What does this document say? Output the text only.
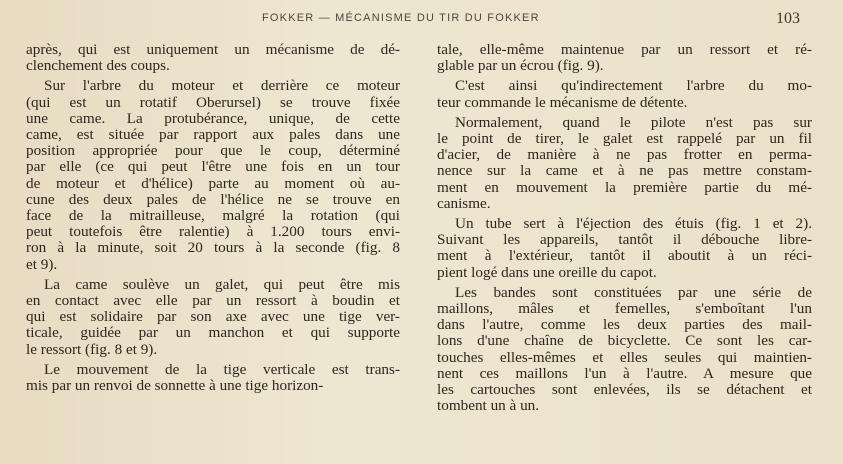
FOKKER — MÉCANISME DU TIR DU FOKKER	103
après, qui est uniquement un mécanisme de dé-
clenchement des coups.
Sur l'arbre du moteur et derrière ce moteur
(qui est un rotatif Oberursel) se trouve fixée
une came. La protubérance, unique, de cette
came, est située par rapport aux pales dans une
position appropriée pour que le coup, déterminé
par elle (ce qui peut l'être une fois en un tour
de moteur et d'hélice) parte au moment où au-
cune des deux pales de l'hélice ne se trouve en
face de la mitrailleuse, malgré la rotation (qui
peut toutefois être ralentie) à 1.200 tours envi-
ron à la minute, soit 20 tours à la seconde (fig. 8
et 9).
La came soulève un galet, qui peut être mis
en contact avec elle par un ressort à boudin et
qui est solidaire par son axe avec une tige ver-
ticale, guidée par un manchon et qui supporte
le ressort (fig. 8 et 9).
Le mouvement de la tige verticale est trans-
mis par un renvoi de sonnette à une tige horizon-
tale, elle-même maintenue par un ressort et ré-
glable par un écrou (fig. 9).
C'est ainsi qu'indirectement l'arbre du mo-
teur commande le mécanisme de détente.
Normalement, quand le pilote n'est pas sur
le point de tirer, le galet est rappelé par un fil
d'acier, de manière à ne pas frotter en perma-
nence sur la came et à ne pas mettre constam-
ment en mouvement la première partie du mé-
canisme.
Un tube sert à l'éjection des étuis (fig. 1 et 2).
Suivant les appareils, tantôt il débouche libre-
ment à l'extérieur, tantôt il aboutit à un réci-
pient logé dans une oreille du capot.
Les bandes sont constituées par une série de
maillons, mâles et femelles, s'emboîtant l'un
dans l'autre, comme les deux parties des mail-
lons d'une chaîne de bicyclette. Ce sont les car-
touches elles-mêmes et elles seules qui maintien-
nent ces maillons l'un à l'autre. A mesure que
les cartouches sont enlevées, ils se détachent et
tombent un à un.
